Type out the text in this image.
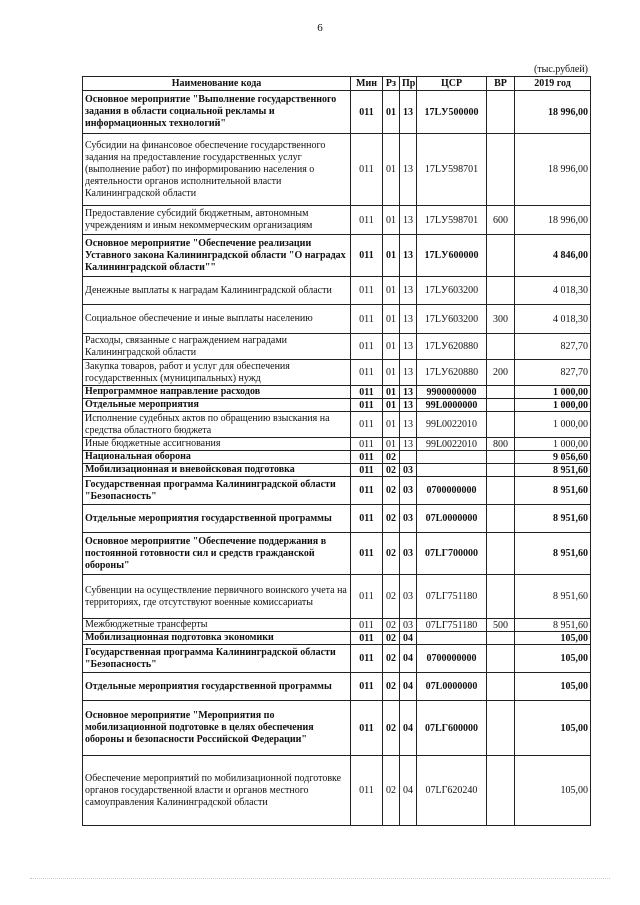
6
(тыс.рублей)
Наименование кода	Мин	Рз	Пр	ЦСР	ВР	2019 год
Основное мероприятие "Выполнение государственного задания в области социальной рекламы и информационных технологий"	011	01	13	17LУ500000		18 996,00
Субсидии на финансовое обеспечение государственного задания на предоставление государственных услуг (выполнение работ) по информированию населения о деятельности органов исполнительной власти Калининградской области	011	01	13	17LУ598701		18 996,00
Предоставление субсидий бюджетным, автономным учреждениям и иным некоммерческим организациям	011	01	13	17LУ598701	600	18 996,00
Основное мероприятие "Обеспечение реализации Уставного закона Калининградской области "О наградах Калининградской области""	011	01	13	17LУ600000		4 846,00
Денежные выплаты к наградам Калининградской области	011	01	13	17LУ603200		4 018,30
Социальное обеспечение и иные выплаты населению	011	01	13	17LУ603200	300	4 018,30
Расходы, связанные с награждением наградами Калининградской области	011	01	13	17LУ620880		827,70
Закупка товаров, работ и услуг для обеспечения государственных (муниципальных) нужд	011	01	13	17LУ620880	200	827,70
Непрограммное направление расходов	011	01	13	9900000000		1 000,00
Отдельные мероприятия	011	01	13	99L0000000		1 000,00
Исполнение судебных актов по обращению взыскания на средства областного бюджета	011	01	13	99L0022010		1 000,00
Иные бюджетные ассигнования	011	01	13	99L0022010	800	1 000,00
Национальная оборона	011	02				9 056,60
Мобилизационная и вневойсковая подготовка	011	02	03			8 951,60
Государственная программа Калининградской области "Безопасность"	011	02	03	0700000000		8 951,60
Отдельные мероприятия государственной программы	011	02	03	07L0000000		8 951,60
Основное мероприятие "Обеспечение поддержания в постоянной готовности сил и средств гражданской обороны"	011	02	03	07LГ700000		8 951,60
Субвенции на осуществление первичного воинского учета на территориях, где отсутствуют военные комиссариаты	011	02	03	07LГ751180		8 951,60
Межбюджетные трансферты	011	02	03	07LГ751180	500	8 951,60
Мобилизационная подготовка экономики	011	02	04			105,00
Государственная программа Калининградской области "Безопасность"	011	02	04	0700000000		105,00
Отдельные мероприятия государственной программы	011	02	04	07L0000000		105,00
Основное мероприятие "Мероприятия по мобилизационной подготовке в целях обеспечения обороны и безопасности Российской Федерации"	011	02	04	07LГ600000		105,00
Обеспечение мероприятий по мобилизационной подготовке органов государственной власти и органов местного самоуправления Калининградской области	011	02	04	07LГ620240		105,00
